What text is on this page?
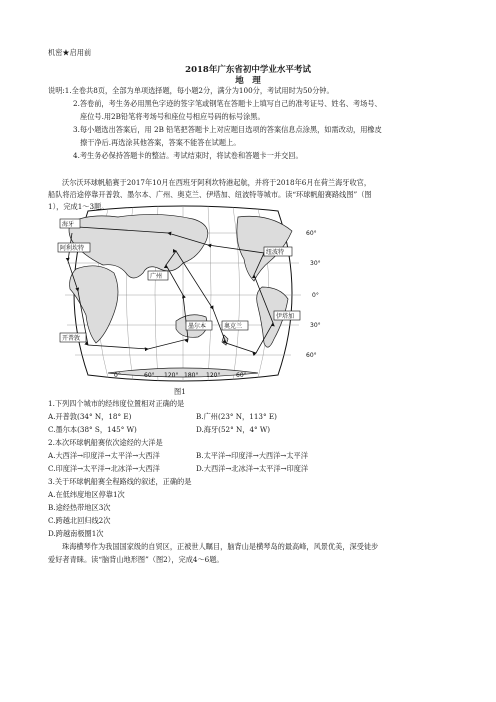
机密★启用前
2018年广东省初中学业水平考试
地　理
说明:1.全卷共8页，全部为单项选择题，每小题2分，满分为100分，考试用时为50分钟。
2.答卷前，考生务必用黑色字迹的签字笔或钢笔在答题卡上填写自己的准考证号、姓名、考场号、
座位号.用2B铅笔将考场号和座位号相应号码的标号涂黑。
3.每小题选出答案后，用 2B 铅笔把答题卡上对应题目选项的答案信息点涂黑，如需改动，用橡皮
擦干净后.再选涂其他答案，答案不能答在试题上。
4.考生务必保持答题卡的整洁。考试结束时，将试卷和答题卡一并交回。
沃尔沃环球帆船赛于2017年10月在西班牙阿利坎特港起航，并将于2018年6月在荷兰海牙收官，
船队将沿途停靠开普敦、墨尔本、广州、奥克兰、伊塔加、纽波特等城市。读“环球帆船赛路线图”（图
1），完成1～3题。
海牙
阿利坎特
广州
纽波特
伊塔加
奥克兰
墨尔本
开普敦
60°
30°
0°
30°
60°
0°	60° 120° 180° 120°	60°
图1
1.下列四个城市的经纬度位置相对正确的是
A.开普敦(34° N，18° E)	B.广州(23° N，113° E)
C.墨尔本(38° S，145° W)	D.海牙(52° N，4° W)
2.本次环球帆船赛依次途经的大洋是
A.大西洋→印度洋→太平洋→大西洋	B.太平洋→印度洋→大西洋→太平洋
C.印度洋→太平洋→北冰洋→大西洋	D.大西洋→北冰洋→太平洋→印度洋
3.关于环球帆船赛全程路线的叙述，正确的是
A.在低纬度地区停靠1次
B.途经热带地区3次
C.跨越北回归线2次
D.跨越南极圈1次
珠海横琴作为我国国家级的自贸区，正被世人瞩目，脑背山是横琴岛的最高峰，风景优美，深受徒步
爱好者青睐。读“脑背山地形图”（图2），完成4～6题。
